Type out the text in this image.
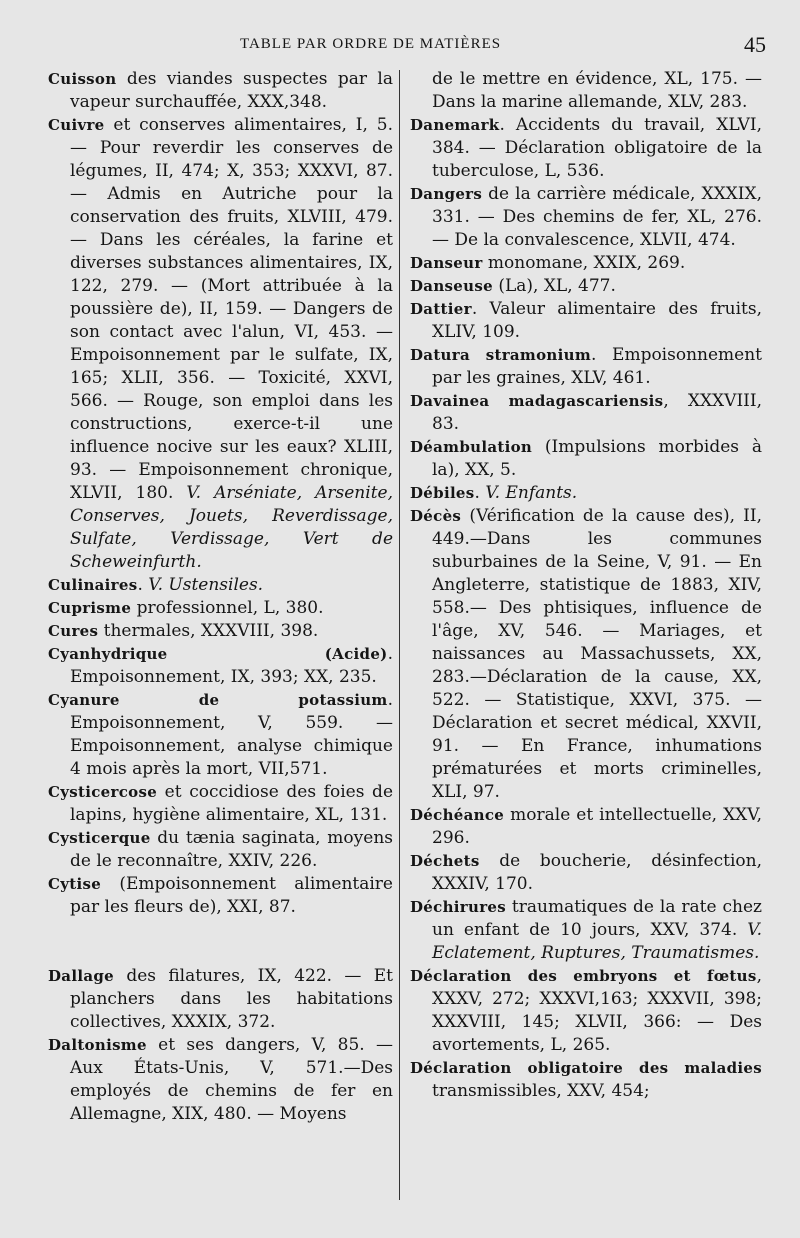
TABLE PAR ORDRE DE MATIÈRES	45

Cuisson des viandes suspectes par la vapeur surchauffée, XXX,348.

Cuivre et conserves alimentaires, I, 5. — Pour reverdir les conserves de légumes, II, 474; X, 353; XXXVI, 87. — Admis en Autriche pour la conservation des fruits, XLVIII, 479. — Dans les céréales, la farine et diverses substances alimentaires, IX, 122, 279. — (Mort attribuée à la poussière de), II, 159. — Dangers de son contact avec l'alun, VI, 453. — Empoisonnement par le sulfate, IX, 165; XLII, 356. — Toxicité, XXVI, 566. — Rouge, son emploi dans les constructions, exerce-t-il une influence nocive sur les eaux? XLIII, 93. — Empoisonnement chronique, XLVII, 180. V. Arséniate, Arsenite, Conserves, Jouets, Reverdissage, Sulfate, Verdissage, Vert de Scheweinfurth.

Culinaires. V. Ustensiles.

Cuprisme professionnel, L, 380.

Cures thermales, XXXVIII, 398.

Cyanhydrique (Acide). Empoisonnement, IX, 393; XX, 235.

Cyanure de potassium. Empoisonnement, V, 559. — Empoisonnement, analyse chimique 4 mois après la mort, VII,571.

Cysticercose et coccidiose des foies de lapins, hygiène alimentaire, XL, 131.

Cysticerque du tænia saginata, moyens de le reconnaître, XXIV, 226.

Cytise (Empoisonnement alimentaire par les fleurs de), XXI, 87.

Dallage des filatures, IX, 422. — Et planchers dans les habitations collectives, XXXIX, 372.

Daltonisme et ses dangers, V, 85. — Aux États-Unis, V, 571.—Des employés de chemins de fer en Allemagne, XIX, 480. — Moyens

de le mettre en évidence, XL, 175. — Dans la marine allemande, XLV, 283.

Danemark. Accidents du travail, XLVI, 384. — Déclaration obligatoire de la tuberculose, L, 536.

Dangers de la carrière médicale, XXXIX, 331. — Des chemins de fer, XL, 276. — De la convalescence, XLVII, 474.

Danseur monomane, XXIX, 269.

Danseuse (La), XL, 477.

Dattier. Valeur alimentaire des fruits, XLIV, 109.

Datura stramonium. Empoisonnement par les graines, XLV, 461.

Davainea madagascariensis, XXXVIII, 83.

Déambulation (Impulsions morbides à la), XX, 5.

Débiles. V. Enfants.

Décès (Vérification de la cause des), II, 449.—Dans les communes suburbaines de la Seine, V, 91. — En Angleterre, statistique de 1883, XIV, 558.— Des phtisiques, influence de l'âge, XV, 546. — Mariages, et naissances au Massachussets, XX, 283.—Déclaration de la cause, XX, 522. — Statistique, XXVI, 375. —Déclaration et secret médical, XXVII, 91. — En France, inhumations prématurées et morts criminelles, XLI, 97.

Déchéance morale et intellectuelle, XXV, 296.

Déchets de boucherie, désinfection, XXXIV, 170.

Déchirures traumatiques de la rate chez un enfant de 10 jours, XXV, 374. V. Eclatement, Ruptures, Traumatismes.

Déclaration des embryons et fœtus, XXXV, 272; XXXVI,163; XXXVII, 398; XXXVIII, 145; XLVII, 366: — Des avortements, L, 265.

Déclaration obligatoire des maladies transmissibles, XXV, 454;
